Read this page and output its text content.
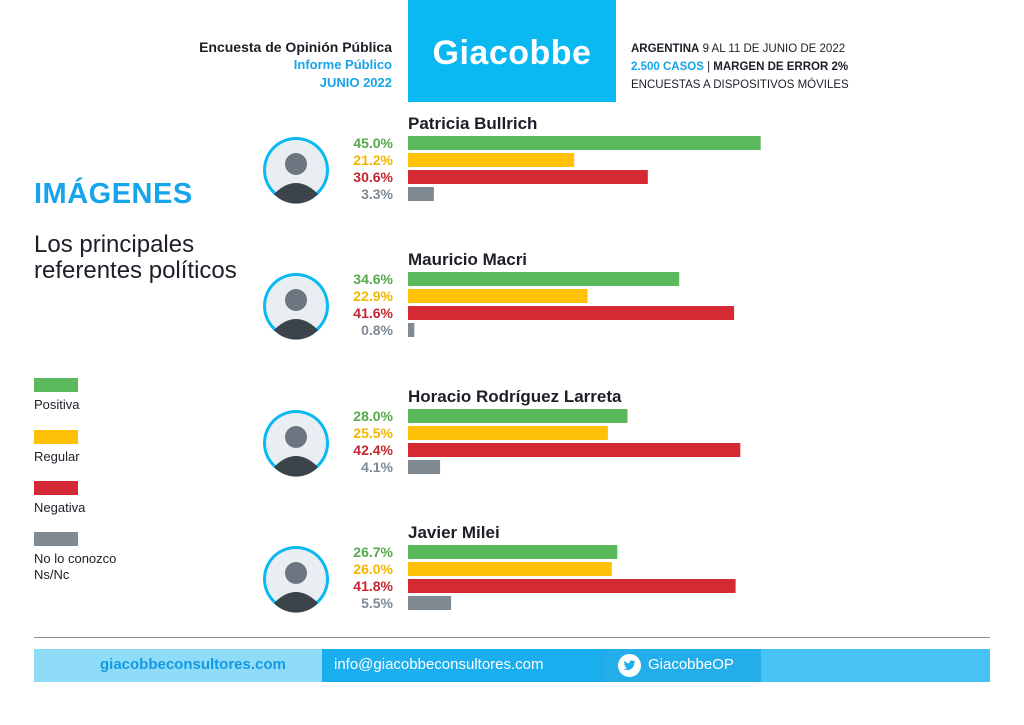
Encuesta de Opinión Pública
Informe Público
JUNIO 2022
Giacobbe	ARGENTINA 9 AL 11 DE JUNIO DE 2022
2.500 CASOS | MARGEN DE ERROR 2%
ENCUESTAS A DISPOSITIVOS MÓVILES
IMÁGENES
Los principales referentes políticos
Positiva
Regular
Negativa
No lo conozco Ns/Nc
Patricia Bullrich
45.0%
21.2%
30.6%
3.3%
Mauricio Macri
34.6%
22.9%
41.6%
0.8%
Horacio Rodríguez Larreta
28.0%
25.5%
42.4%
4.1%
Javier Milei
26.7%
26.0%
41.8%
5.5%
giacobbeconsultores.com	info@giacobbeconsultores.com	GiacobbeOP
